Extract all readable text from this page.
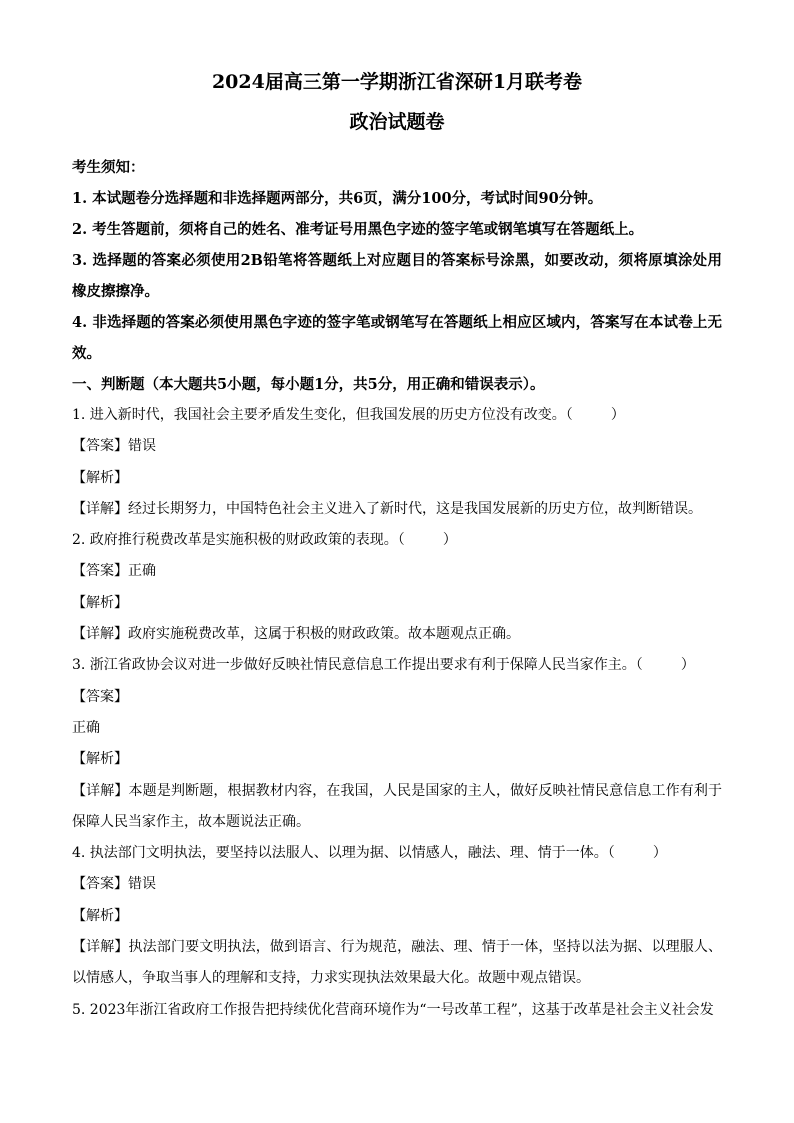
2024届高三第一学期浙江省深研1月联考卷

政治试题卷

考生须知：

1. 本试题卷分选择题和非选择题两部分，共6页，满分100分，考试时间90分钟。

2. 考生答题前，须将自己的姓名、准考证号用黑色字迹的签字笔或钢笔填写在答题纸上。

3. 选择题的答案必须使用2B铅笔将答题纸上对应题目的答案标号涂黑，如要改动，须将原填涂处用橡皮擦擦净。

4. 非选择题的答案必须使用黑色字迹的签字笔或钢笔写在答题纸上相应区域内，答案写在本试卷上无效。

一、判断题（本大题共5小题，每小题1分，共5分，用正确和错误表示）。

1. 进入新时代，我国社会主要矛盾发生变化，但我国发展的历史方位没有改变。（	）

【答案】错误

【解析】

【详解】经过长期努力，中国特色社会主义进入了新时代，这是我国发展新的历史方位，故判断错误。

2. 政府推行税费改革是实施积极的财政政策的表现。（	）

【答案】正确

【解析】

【详解】政府实施税费改革，这属于积极的财政政策。故本题观点正确。

3. 浙江省政协会议对进一步做好反映社情民意信息工作提出要求有利于保障人民当家作主。（	）

【答案】

正确

【解析】

【详解】本题是判断题，根据教材内容，在我国，人民是国家的主人，做好反映社情民意信息工作有利于保障人民当家作主，故本题说法正确。

4. 执法部门文明执法，要坚持以法服人、以理为据、以情感人，融法、理、情于一体。（	）

【答案】错误

【解析】

【详解】执法部门要文明执法，做到语言、行为规范，融法、理、情于一体，坚持以法为据、以理服人、以情感人，争取当事人的理解和支持，力求实现执法效果最大化。故题中观点错误。

5. 2023年浙江省政府工作报告把持续优化营商环境作为“一号改革工程”，这基于改革是社会主义社会发
